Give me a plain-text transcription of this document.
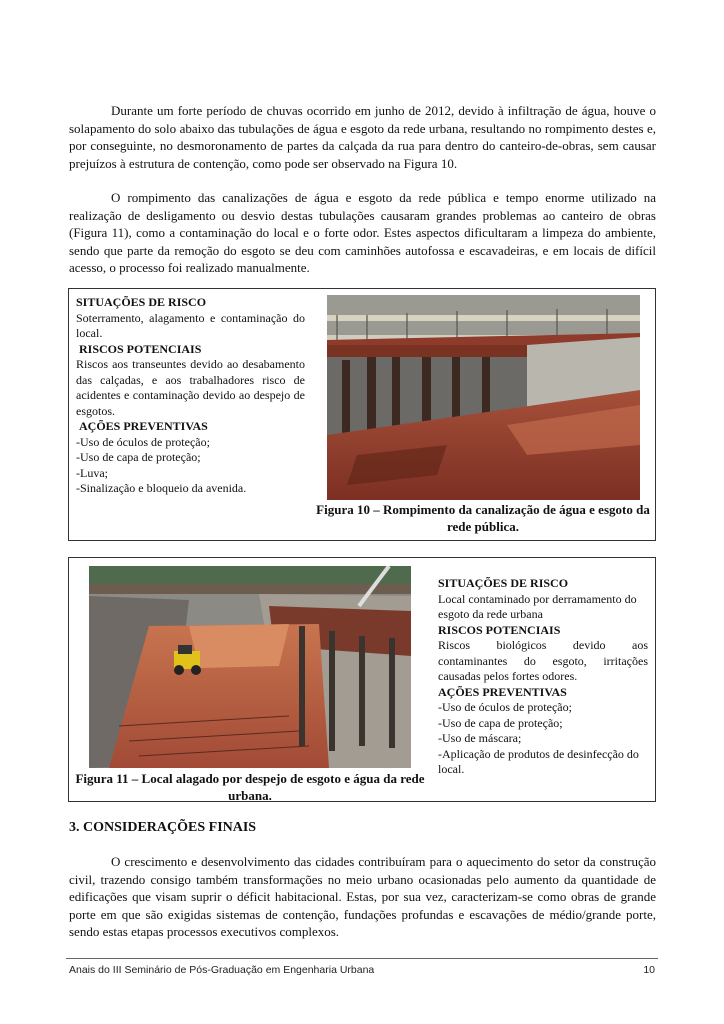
Durante um forte período de chuvas ocorrido em junho de 2012, devido à infiltração de água, houve o solapamento do solo abaixo das tubulações de água e esgoto da rede urbana, resultando no rompimento destes e, por conseguinte, no desmoronamento de partes da calçada da rua para dentro do canteiro-de-obras, sem causar prejuízos à estrutura de contenção, como pode ser observado na Figura 10.

O rompimento das canalizações de água e esgoto da rede pública e tempo enorme utilizado na realização de desligamento ou desvio destas tubulações causaram grandes problemas ao canteiro de obras (Figura 11), como a contaminação do local e o forte odor. Estes aspectos dificultaram a limpeza do ambiente, sendo que parte da remoção do esgoto se deu com caminhões autofossa e escavadeiras, e em locais de difícil acesso, o processo foi realizado manualmente.

SITUAÇÕES DE RISCO
Soterramento, alagamento e contaminação do local.
RISCOS POTENCIAIS
Riscos aos transeuntes devido ao desabamento das calçadas, e aos trabalhadores risco de acidentes e contaminação devido ao despejo de esgotos.
AÇÕES PREVENTIVAS
-Uso de óculos de proteção;
-Uso de capa de proteção;
-Luva;
-Sinalização e bloqueio da avenida.
Figura 10 – Rompimento da canalização de água e esgoto da rede pública.
Figura 11 – Local alagado por despejo de esgoto e água da rede urbana.
SITUAÇÕES DE RISCO
Local contaminado por derramamento do esgoto da rede urbana
RISCOS POTENCIAIS
Riscos biológicos devido aos contaminantes do esgoto, irritações causadas pelos fortes odores.
AÇÕES PREVENTIVAS
-Uso de óculos de proteção;
-Uso de capa de proteção;
-Uso de máscara;
-Aplicação de produtos de desinfecção do local.
3. CONSIDERAÇÕES FINAIS

O crescimento e desenvolvimento das cidades contribuíram para o aquecimento do setor da construção civil, trazendo consigo também transformações no meio urbano ocasionadas pelo aumento da quantidade de edificações que visam suprir o déficit habitacional. Estas, por sua vez, caracterizam-se como obras de grande porte em que são exigidas sistemas de contenção, fundações profundas e escavações de médio/grande porte, sendo estas etapas processos executivos complexos.

Anais do III Seminário de Pós-Graduação em Engenharia Urbana	10
